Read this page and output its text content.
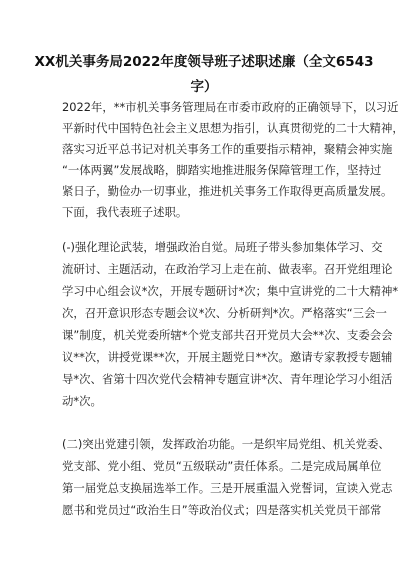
XX机关事务局2022年度领导班子述职述廉（全文6543
字）
2022年，**市机关事务管理局在市委市政府的正确领导下，以习近
平新时代中国特色社会主义思想为指引，认真贯彻党的二十大精神，
落实习近平总书记对机关事务工作的重要指示精神，聚精会神实施
“一体两翼”发展战略，脚踏实地推进服务保障管理工作，坚持过
紧日子，勤俭办一切事业，推进机关事务工作取得更高质量发展。
下面，我代表班子述职。
(-)强化理论武装，增强政治自觉。局班子带头参加集体学习、交
流研讨、主题活动，在政治学习上走在前、做表率。召开党组理论
学习中心组会议*次，开展专题研讨*次；集中宣讲党的二十大精神*
次，召开意识形态专题会议*次、分析研判*次。严格落实“三会一
课”制度，机关党委所辖*个党支部共召开党员大会**次、支委会会
议**次，讲授党课**次，开展主题党日**次。邀请专家教授专题辅
导*次、省第十四次党代会精神专题宣讲*次、青年理论学习小组活
动*次。
(二)突出党建引领，发挥政治功能。一是织牢局党组、机关党委、
党支部、党小组、党员“五级联动”责任体系。二是完成局属单位
第一届党总支换届选举工作。三是开展重温入党誓词，宣读入党志
愿书和党员过“政治生日”等政治仪式；四是落实机关党员干部常
